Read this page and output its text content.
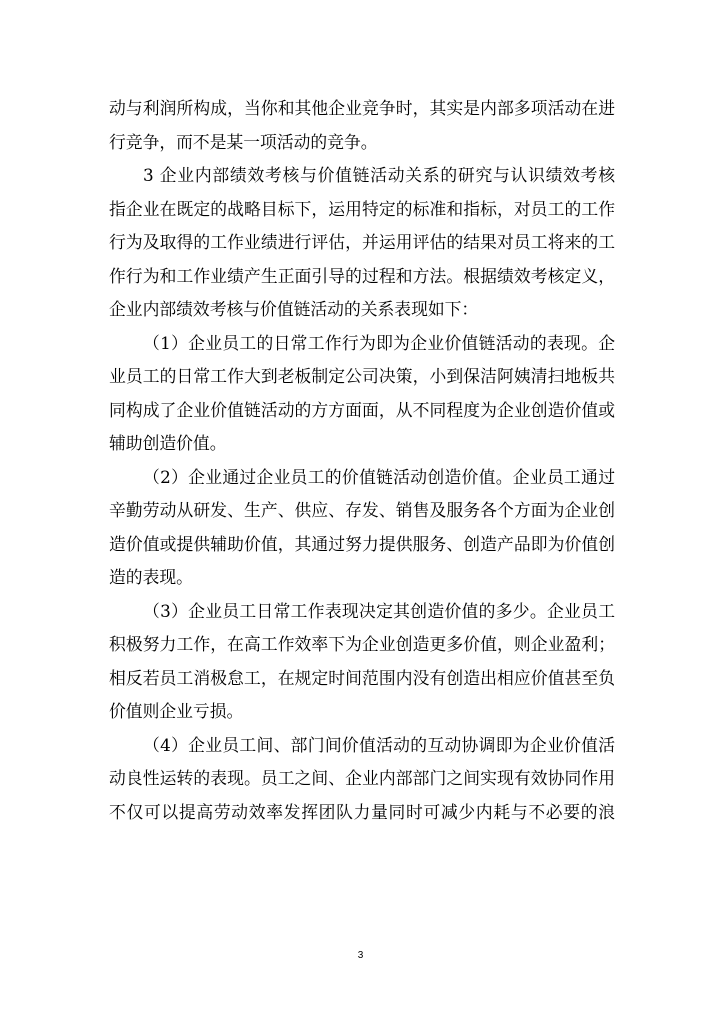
动与利润所构成，当你和其他企业竞争时，其实是内部多项活动在进
行竞争，而不是某一项活动的竞争。
3 企业内部绩效考核与价值链活动关系的研究与认识绩效考核
指企业在既定的战略目标下，运用特定的标准和指标，对员工的工作
行为及取得的工作业绩进行评估，并运用评估的结果对员工将来的工
作行为和工作业绩产生正面引导的过程和方法。根据绩效考核定义，
企业内部绩效考核与价值链活动的关系表现如下：
（1）企业员工的日常工作行为即为企业价值链活动的表现。企
业员工的日常工作大到老板制定公司决策，小到保洁阿姨清扫地板共
同构成了企业价值链活动的方方面面，从不同程度为企业创造价值或
辅助创造价值。
（2）企业通过企业员工的价值链活动创造价值。企业员工通过
辛勤劳动从研发、生产、供应、存发、销售及服务各个方面为企业创
造价值或提供辅助价值，其通过努力提供服务、创造产品即为价值创
造的表现。
（3）企业员工日常工作表现决定其创造价值的多少。企业员工
积极努力工作，在高工作效率下为企业创造更多价值，则企业盈利；
相反若员工消极怠工，在规定时间范围内没有创造出相应价值甚至负
价值则企业亏损。
（4）企业员工间、部门间价值活动的互动协调即为企业价值活
动良性运转的表现。员工之间、企业内部部门之间实现有效协同作用
不仅可以提高劳动效率发挥团队力量同时可减少内耗与不必要的浪
3
